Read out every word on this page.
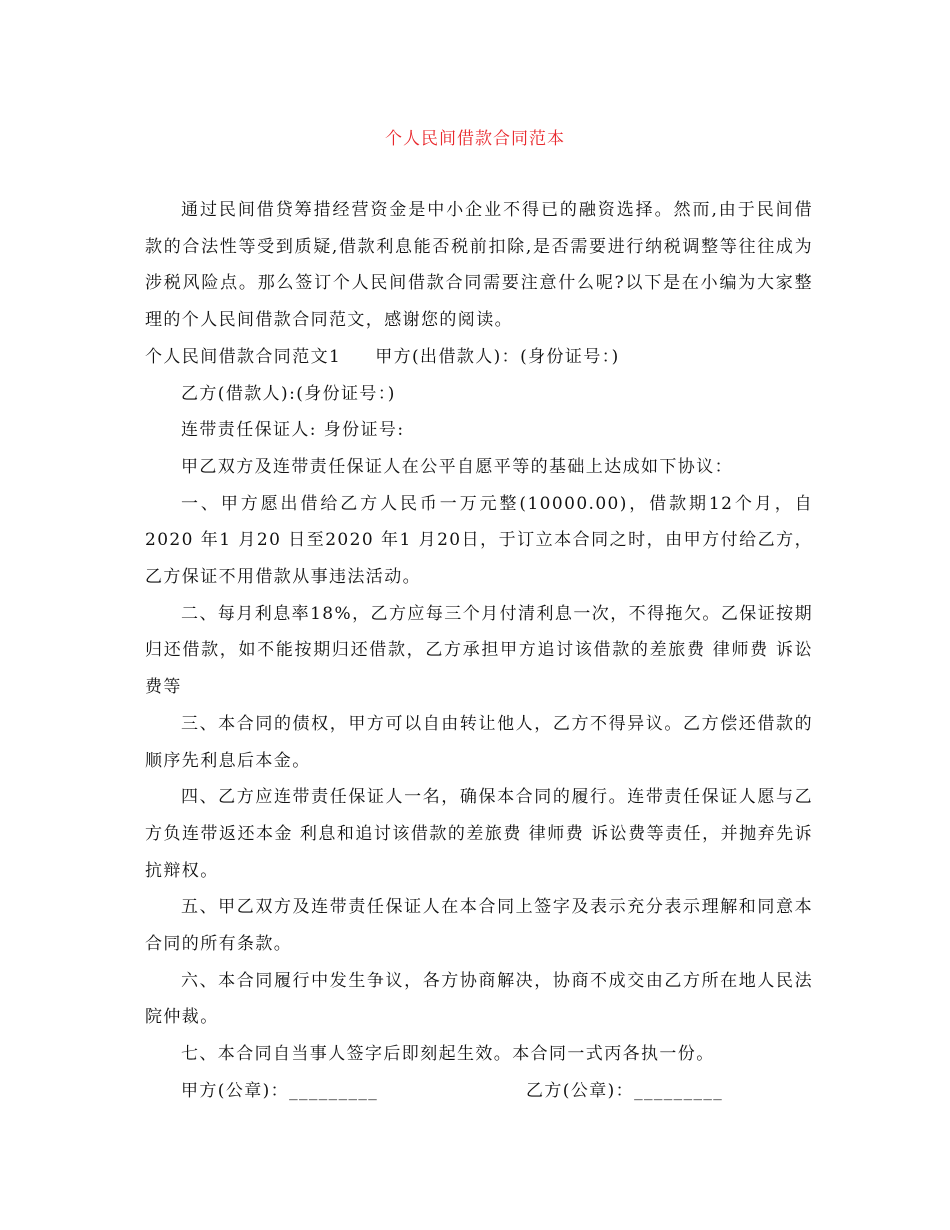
个人民间借款合同范本

通过民间借贷筹措经营资金是中小企业不得已的融资选择。然而,由于民间借款的合法性等受到质疑,借款利息能否税前扣除,是否需要进行纳税调整等往往成为涉税风险点。那么签订个人民间借款合同需要注意什么呢?以下是在小编为大家整理的个人民间借款合同范文，感谢您的阅读。

个人民间借款合同范文1 甲方(出借款人)：(身份证号：)

乙方(借款人):(身份证号：)

连带责任保证人: 身份证号:

甲乙双方及连带责任保证人在公平自愿平等的基础上达成如下协议：

一、甲方愿出借给乙方人民币一万元整(10000.00)，借款期12个月，自2020 年1 月20 日至2020 年1 月20日，于订立本合同之时，由甲方付给乙方，乙方保证不用借款从事违法活动。

二、每月利息率18%，乙方应每三个月付清利息一次，不得拖欠。乙保证按期归还借款，如不能按期归还借款，乙方承担甲方追讨该借款的差旅费 律师费 诉讼费等

三、本合同的债权，甲方可以自由转让他人，乙方不得异议。乙方偿还借款的顺序先利息后本金。

四、乙方应连带责任保证人一名，确保本合同的履行。连带责任保证人愿与乙方负连带返还本金 利息和追讨该借款的差旅费 律师费 诉讼费等责任，并抛弃先诉抗辩权。

五、甲乙双方及连带责任保证人在本合同上签字及表示充分表示理解和同意本合同的所有条款。

六、本合同履行中发生争议，各方协商解决，协商不成交由乙方所在地人民法院仲裁。

七、本合同自当事人签字后即刻起生效。本合同一式丙各执一份。

甲方(公章)：_________	乙方(公章)：_________
